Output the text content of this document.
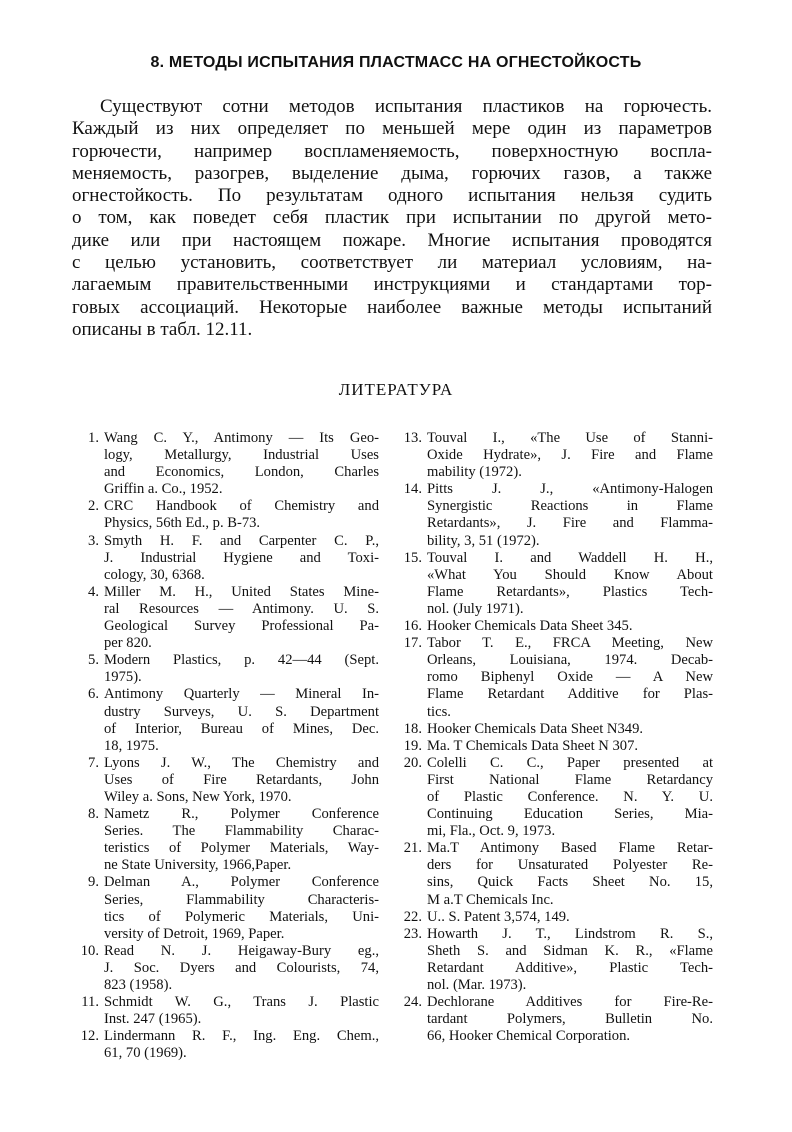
8. МЕТОДЫ ИСПЫТАНИЯ ПЛАСТМАСС НА ОГНЕСТОЙКОСТЬ
Существуют сотни методов испытания пластиков на горючесть.
Каждый из них определяет по меньшей мере один из параметров
горючести, например воспламеняемость, поверхностную воспла-
меняемость, разогрев, выделение дыма, горючих газов, а также
огнестойкость. По результатам одного испытания нельзя судить
о том, как поведет себя пластик при испытании по другой мето-
дике или при настоящем пожаре. Многие испытания проводятся
с целью установить, соответствует ли материал условиям, на-
лагаемым правительственными инструкциями и стандартами тор-
говых ассоциаций. Некоторые наиболее важные методы испытаний
описаны в табл. 12.11.
ЛИТЕРАТУРА
1. Wang C. Y., Antimony — Its Geo-
logy, Metallurgy, Industrial Uses
and Economics, London, Charles
Griffin a. Co., 1952.
2. CRC Handbook of Chemistry and
Physics, 56th Ed., p. B-73.
3. Smyth H. F. and Carpenter C. P.,
J. Industrial Hygiene and Toxi-
cology, 30, 6368.
4. Miller M. H., United States Mine-
ral Resources — Antimony. U. S.
Geological Survey Professional Pa-
per 820.
5. Modern Plastics, p. 42—44 (Sept.
1975).
6. Antimony Quarterly — Mineral In-
dustry Surveys, U. S. Department
of Interior, Bureau of Mines, Dec.
18, 1975.
7. Lyons J. W., The Chemistry and
Uses of Fire Retardants, John
Wiley a. Sons, New York, 1970.
8. Nametz R., Polymer Conference
Series. The Flammability Charac-
teristics of Polymer Materials, Way-
ne State University, 1966,Paper.
9. Delman A., Polymer Conference
Series, Flammability Characteris-
tics of Polymeric Materials, Uni-
versity of Detroit, 1969, Paper.
10. Read N. J. Heigaway-Bury eg.,
J. Soc. Dyers and Colourists, 74,
823 (1958).
11. Schmidt W. G., Trans J. Plastic
Inst. 247 (1965).
12. Lindermann R. F., Ing. Eng. Chem.,
61, 70 (1969).
13. Touval I., «The Use of Stanni-
Oxide Hydrate», J. Fire and Flame
mability (1972).
14. Pitts J. J., «Antimony-Halogen
Synergistic Reactions in Flame
Retardants», J. Fire and Flamma-
bility, 3, 51 (1972).
15. Touval I. and Waddell H. H.,
«What You Should Know About
Flame Retardants», Plastics Tech-
nol. (July 1971).
16. Hooker Chemicals Data Sheet 345.
17. Tabor T. E., FRCA Meeting, New
Orleans, Louisiana, 1974. Decab-
romo Biphenyl Oxide — A New
Flame Retardant Additive for Plas-
tics.
18. Hooker Chemicals Data Sheet N349.
19. Ma. T Chemicals Data Sheet N 307.
20. Colelli C. C., Paper presented at
First National Flame Retardancy
of Plastic Conference. N. Y. U.
Continuing Education Series, Mia-
mi, Fla., Oct. 9, 1973.
21. Ma.T Antimony Based Flame Retar-
ders for Unsaturated Polyester Re-
sins, Quick Facts Sheet No. 15,
M a.T Chemicals Inc.
22. U.. S. Patent 3,574, 149.
23. Howarth J. T., Lindstrom R. S.,
Sheth S. and Sidman K. R., «Flame
Retardant Additive», Plastic Tech-
nol. (Mar. 1973).
24. Dechlorane Additives for Fire-Re-
tardant Polymers, Bulletin No.
66, Hooker Chemical Corporation.
